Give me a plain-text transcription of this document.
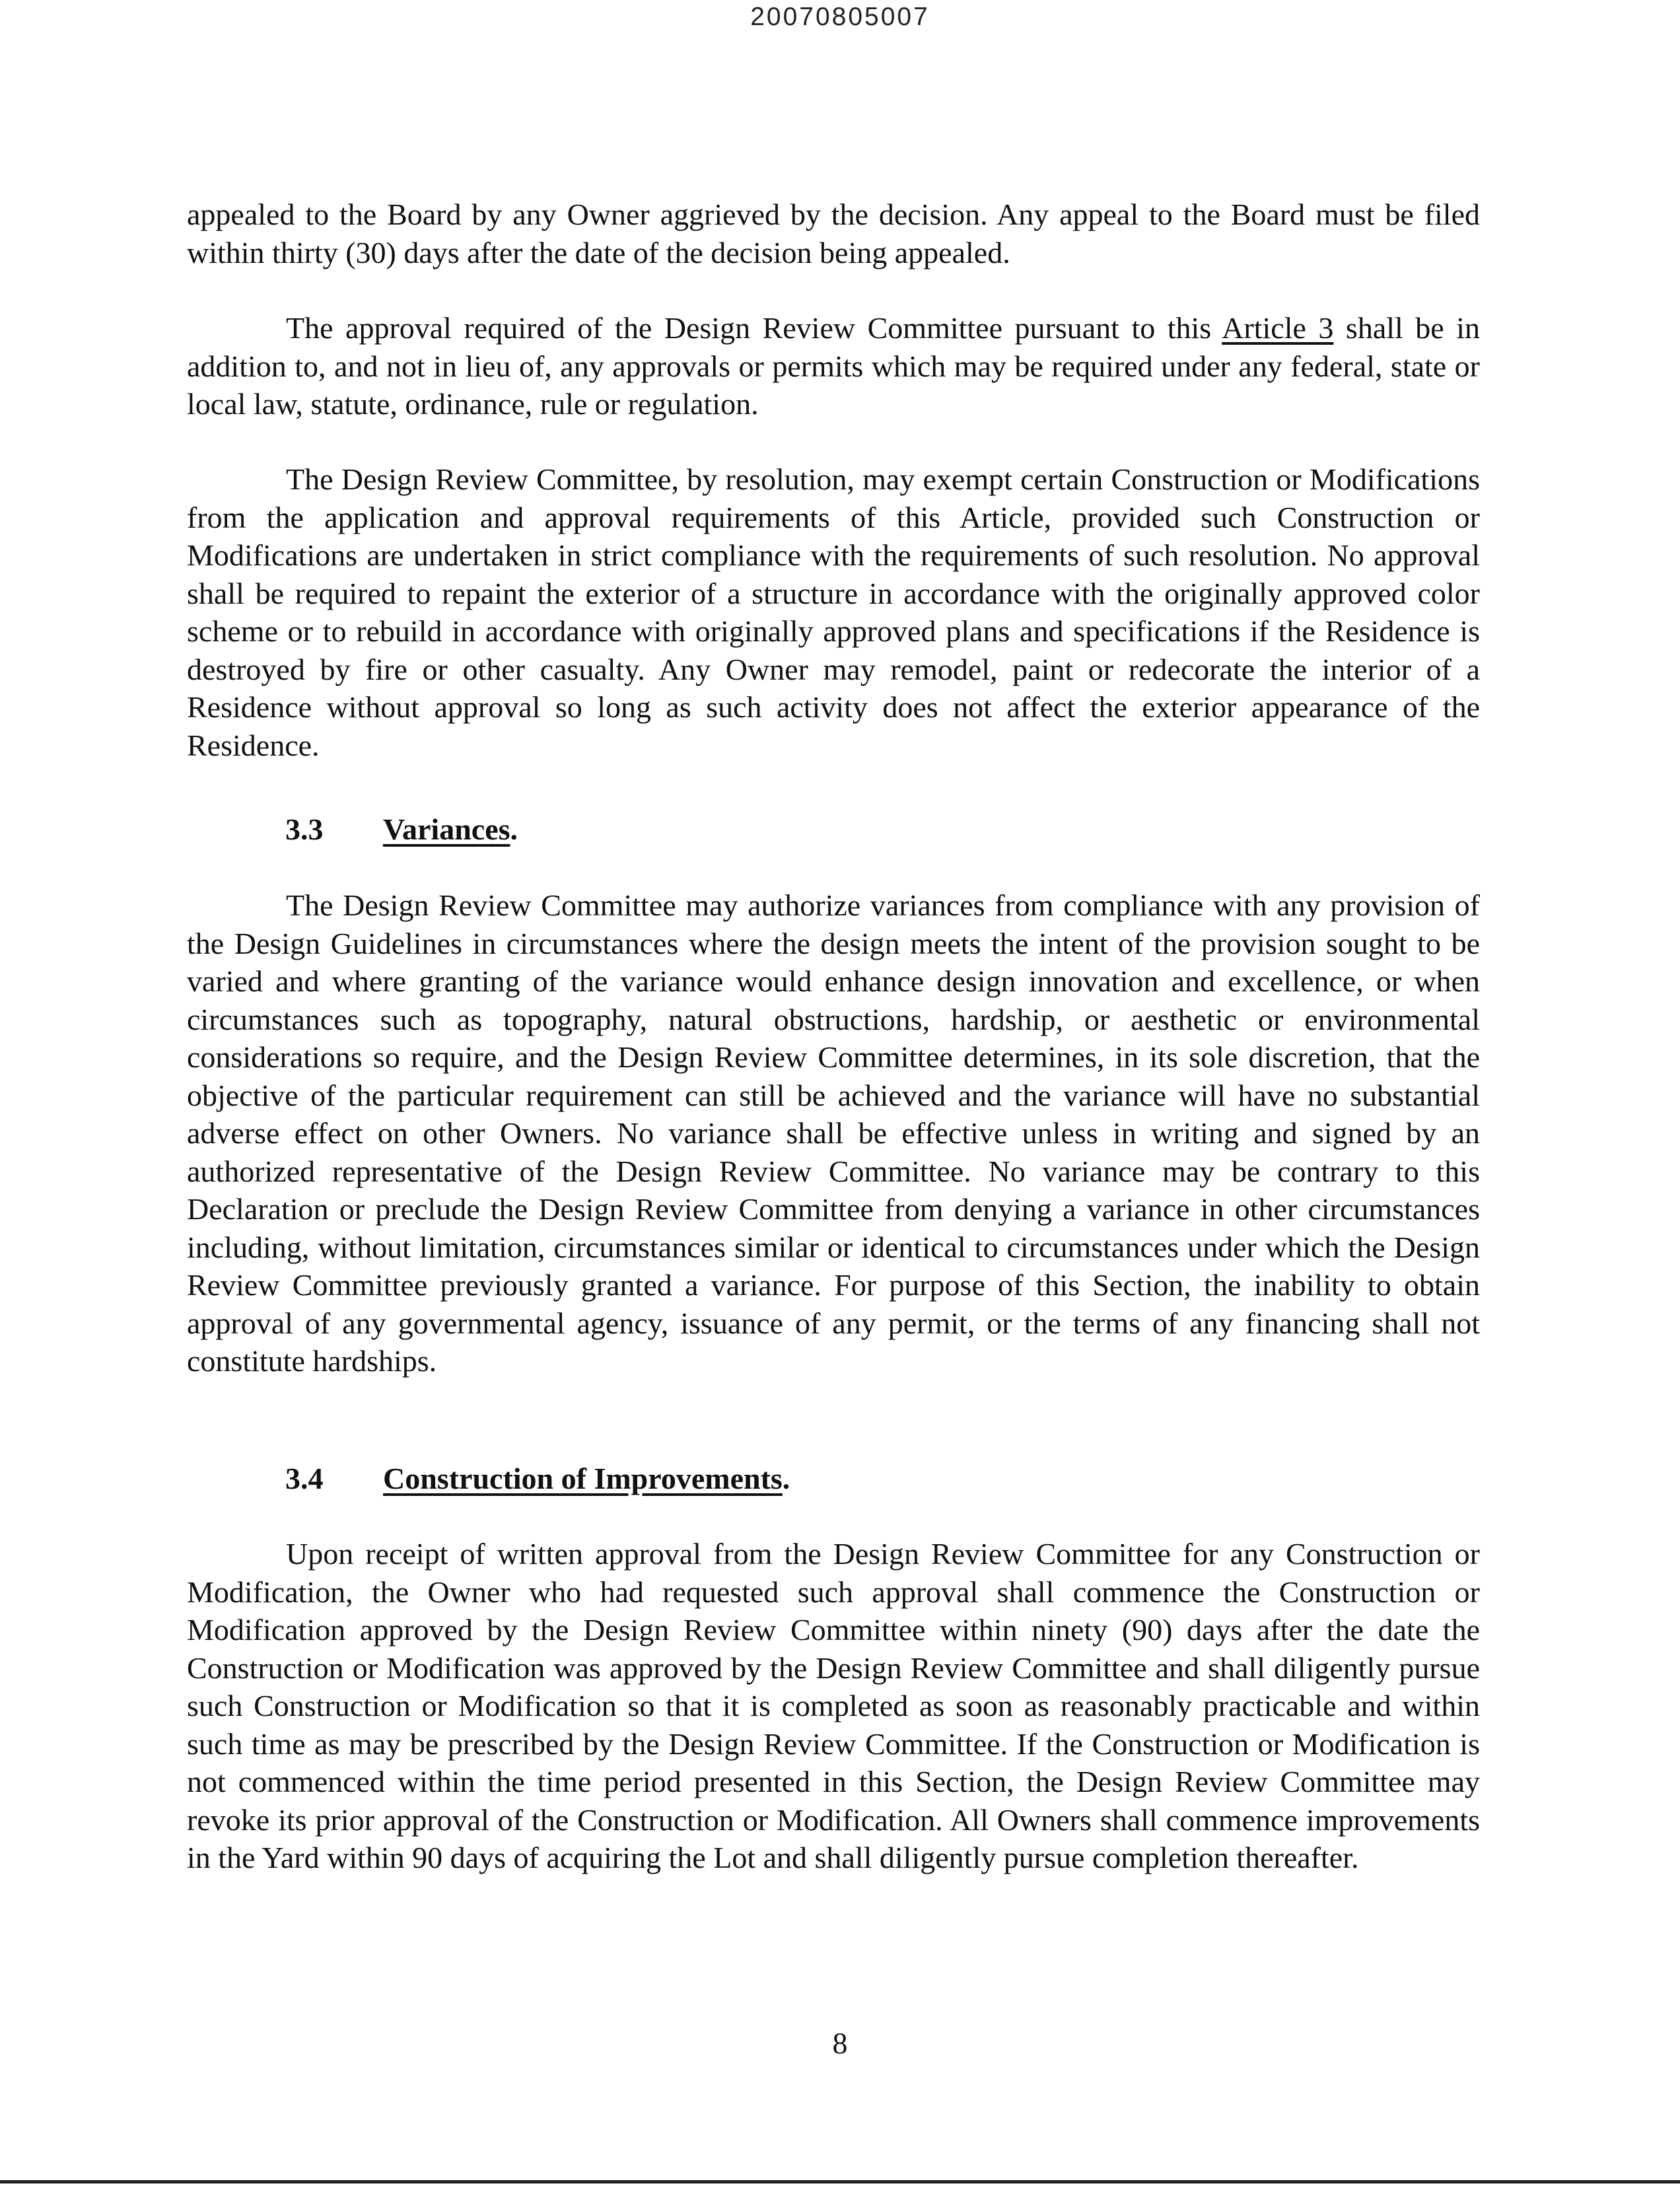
20070805007

appealed to the Board by any Owner aggrieved by the decision. Any appeal to the Board must be filed within thirty (30) days after the date of the decision being appealed.

The approval required of the Design Review Committee pursuant to this Article 3 shall be in addition to, and not in lieu of, any approvals or permits which may be required under any federal, state or local law, statute, ordinance, rule or regulation.

The Design Review Committee, by resolution, may exempt certain Construction or Modifications from the application and approval requirements of this Article, provided such Construction or Modifications are undertaken in strict compliance with the requirements of such resolution. No approval shall be required to repaint the exterior of a structure in accordance with the originally approved color scheme or to rebuild in accordance with originally approved plans and specifications if the Residence is destroyed by fire or other casualty. Any Owner may remodel, paint or redecorate the interior of a Residence without approval so long as such activity does not affect the exterior appearance of the Residence.

3.3 Variances.

The Design Review Committee may authorize variances from compliance with any provision of the Design Guidelines in circumstances where the design meets the intent of the provision sought to be varied and where granting of the variance would enhance design innovation and excellence, or when circumstances such as topography, natural obstructions, hardship, or aesthetic or environmental considerations so require, and the Design Review Committee determines, in its sole discretion, that the objective of the particular requirement can still be achieved and the variance will have no substantial adverse effect on other Owners. No variance shall be effective unless in writing and signed by an authorized representative of the Design Review Committee. No variance may be contrary to this Declaration or preclude the Design Review Committee from denying a variance in other circumstances including, without limitation, circumstances similar or identical to circumstances under which the Design Review Committee previously granted a variance. For purpose of this Section, the inability to obtain approval of any governmental agency, issuance of any permit, or the terms of any financing shall not constitute hardships.

3.4 Construction of Improvements.

Upon receipt of written approval from the Design Review Committee for any Construction or Modification, the Owner who had requested such approval shall commence the Construction or Modification approved by the Design Review Committee within ninety (90) days after the date the Construction or Modification was approved by the Design Review Committee and shall diligently pursue such Construction or Modification so that it is completed as soon as reasonably practicable and within such time as may be prescribed by the Design Review Committee. If the Construction or Modification is not commenced within the time period presented in this Section, the Design Review Committee may revoke its prior approval of the Construction or Modification. All Owners shall commence improvements in the Yard within 90 days of acquiring the Lot and shall diligently pursue completion thereafter.

8
